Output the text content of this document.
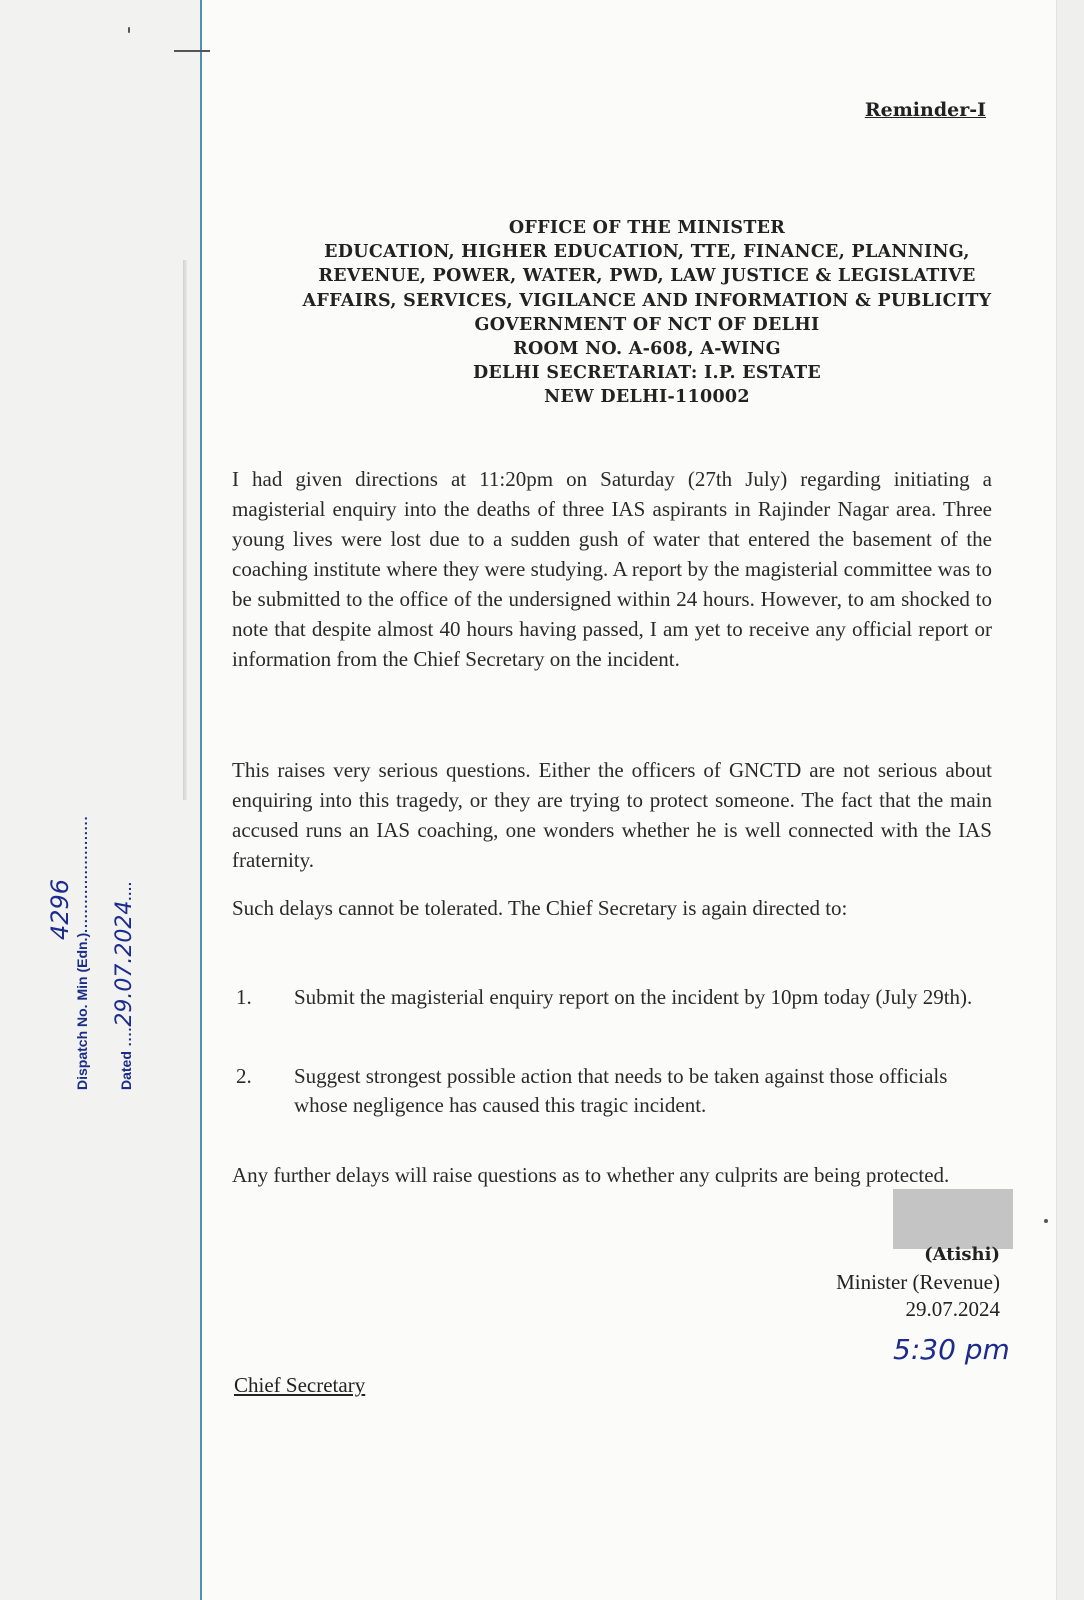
Reminder-I

OFFICE OF THE MINISTER
EDUCATION, HIGHER EDUCATION, TTE, FINANCE, PLANNING,
REVENUE, POWER, WATER, PWD, LAW JUSTICE & LEGISLATIVE
AFFAIRS, SERVICES, VIGILANCE AND INFORMATION & PUBLICITY
GOVERNMENT OF NCT OF DELHI
ROOM NO. A-608, A-WING
DELHI SECRETARIAT: I.P. ESTATE
NEW DELHI-110002

I had given directions at 11:20pm on Saturday (27th July) regarding initiating a magisterial enquiry into the deaths of three IAS aspirants in Rajinder Nagar area. Three young lives were lost due to a sudden gush of water that entered the basement of the coaching institute where they were studying. A report by the magisterial committee was to be submitted to the office of the undersigned within 24 hours. However, to am shocked to note that despite almost 40 hours having passed, I am yet to receive any official report or information from the Chief Secretary on the incident.

This raises very serious questions. Either the officers of GNCTD are not serious about enquiring into this tragedy, or they are trying to protect someone. The fact that the main accused runs an IAS coaching, one wonders whether he is well connected with the IAS fraternity.

Such delays cannot be tolerated. The Chief Secretary is again directed to:

1. Submit the magisterial enquiry report on the incident by 10pm today (July 29th).
2. Suggest strongest possible action that needs to be taken against those officials whose negligence has caused this tragic incident.

Any further delays will raise questions as to whether any culprits are being protected.

(Atishi)
Minister (Revenue)
29.07.2024
5:30 pm
Chief Secretary
4296
Dispatch No. Min (Edn.)........................
Dated ....29.07.2024....
